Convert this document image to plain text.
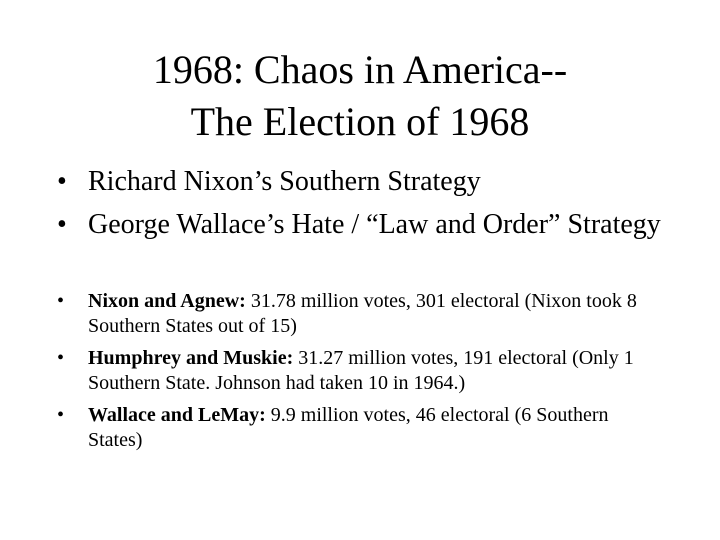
1968: Chaos in America--
The Election of 1968
• Richard Nixon’s Southern Strategy
• George Wallace’s Hate / “Law and Order” Strategy
• Nixon and Agnew: 31.78 million votes, 301 electoral (Nixon took 8 Southern States out of 15)
• Humphrey and Muskie: 31.27 million votes, 191 electoral (Only 1 Southern State. Johnson had taken 10 in 1964.)
• Wallace and LeMay: 9.9 million votes, 46 electoral (6 Southern States)
